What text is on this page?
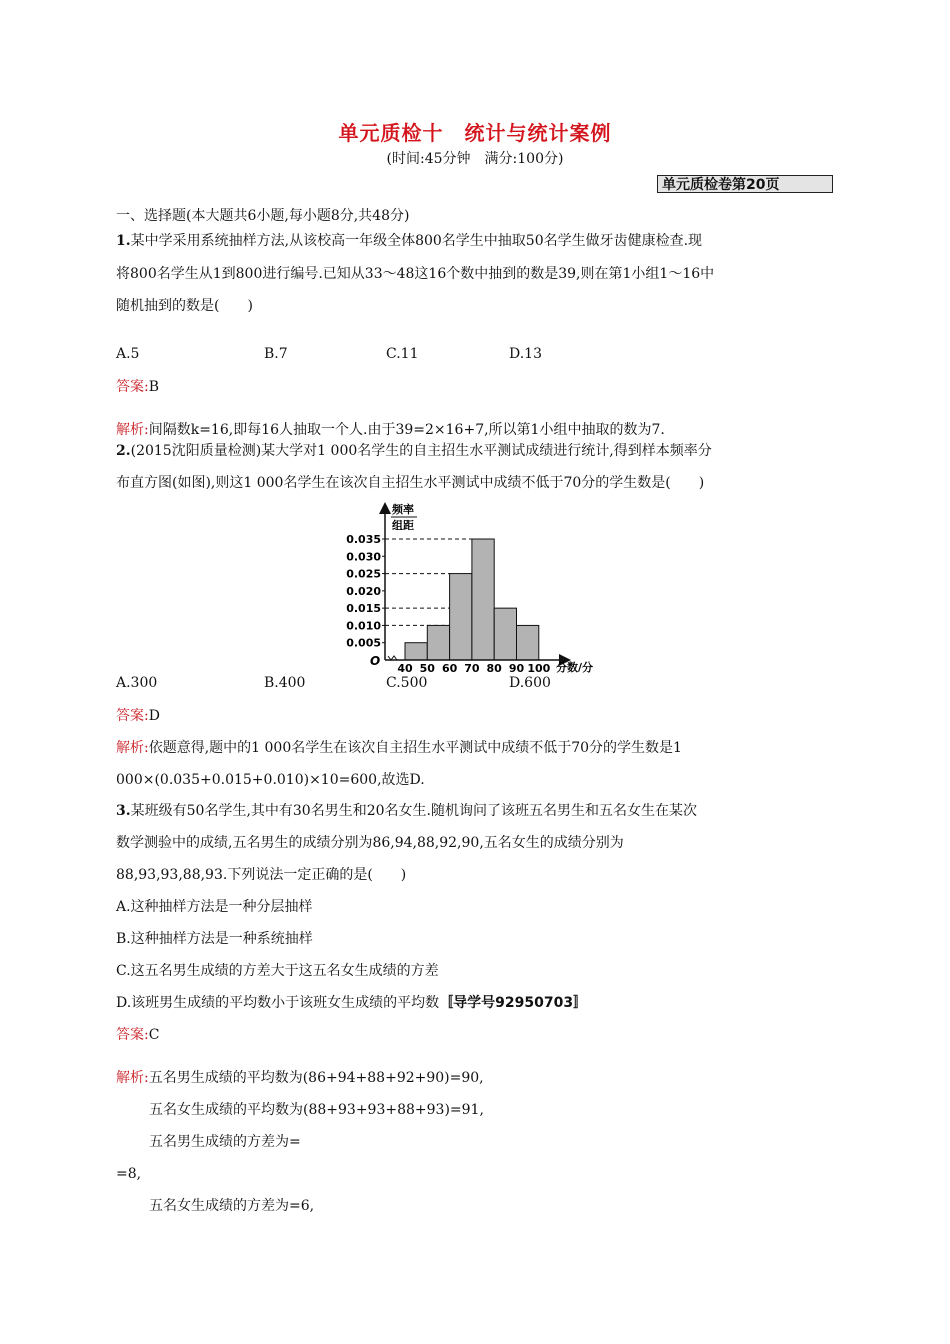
单元质检十　统计与统计案例
(时间:45分钟　满分:100分)
单元质检卷第20页
一、选择题(本大题共6小题,每小题8分,共48分)
1.某中学采用系统抽样方法,从该校高一年级全体800名学生中抽取50名学生做牙齿健康检查.现
将800名学生从1到800进行编号.已知从33～48这16个数中抽到的数是39,则在第1小组1～16中
随机抽到的数是(　　)
A.5	B.7	C.11	D.13
答案:B
解析:间隔数k=16,即每16人抽取一个人.由于39=2×16+7,所以第1小组中抽取的数为7.
2.(2015沈阳质量检测)某大学对1 000名学生的自主招生水平测试成绩进行统计,得到样本频率分
布直方图(如图),则这1 000名学生在该次自主招生水平测试中成绩不低于70分的学生数是(　　)
0.005
0.010
0.015
0.020
0.025
0.030
0.035
40 50 60 70 80 90 100
频率
组距
O	分数/分
A.300	B.400	C.500	D.600
答案:D
解析:依题意得,题中的1 000名学生在该次自主招生水平测试中成绩不低于70分的学生数是1
000×(0.035+0.015+0.010)×10=600,故选D.
3.某班级有50名学生,其中有30名男生和20名女生.随机询问了该班五名男生和五名女生在某次
数学测验中的成绩,五名男生的成绩分别为86,94,88,92,90,五名女生的成绩分别为
88,93,93,88,93.下列说法一定正确的是(　　)
A.这种抽样方法是一种分层抽样
B.这种抽样方法是一种系统抽样
C.这五名男生成绩的方差大于这五名女生成绩的方差
D.该班男生成绩的平均数小于该班女生成绩的平均数〚导学号92950703〛
答案:C
解析:五名男生成绩的平均数为(86+94+88+92+90)=90,
五名女生成绩的平均数为(88+93+93+88+93)=91,
五名男生成绩的方差为=
=8,
五名女生成绩的方差为=6,
